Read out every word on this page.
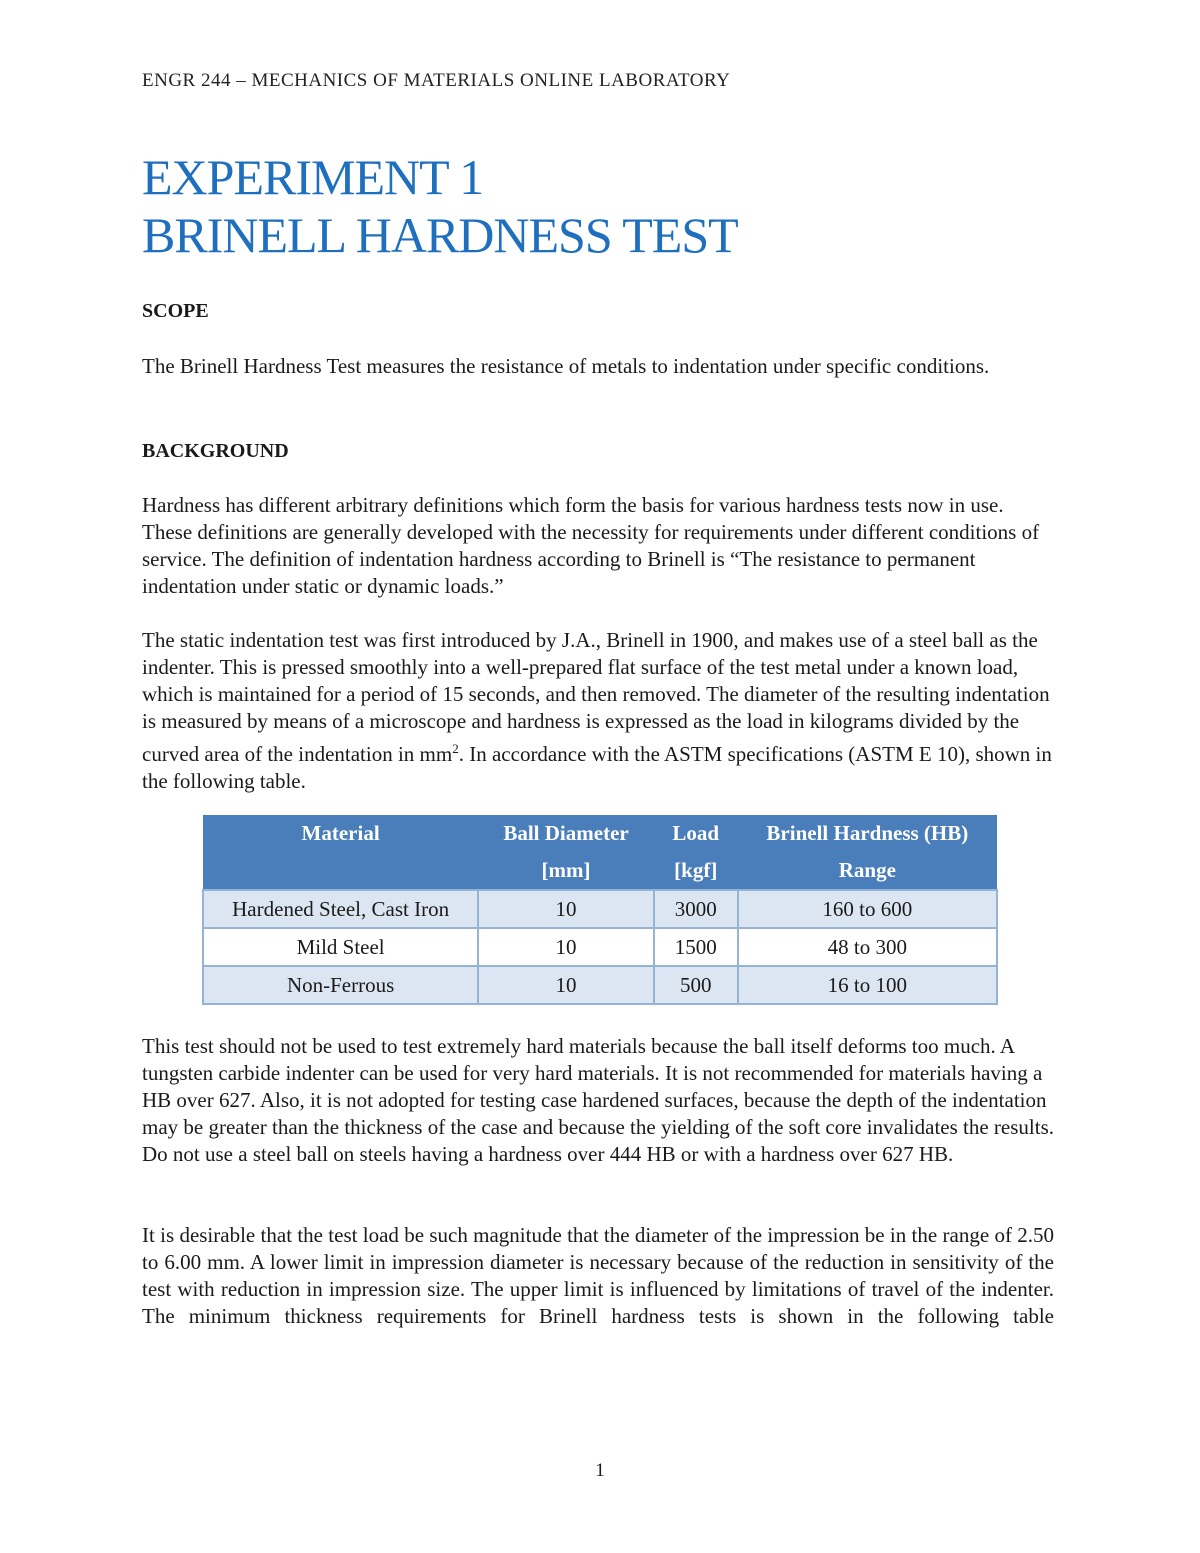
ENGR 244 – MECHANICS OF MATERIALS ONLINE LABORATORY
EXPERIMENT 1
BRINELL HARDNESS TEST
SCOPE

The Brinell Hardness Test measures the resistance of metals to indentation under specific conditions.

BACKGROUND

Hardness has different arbitrary definitions which form the basis for various hardness tests now in use. These definitions are generally developed with the necessity for requirements under different conditions of service. The definition of indentation hardness according to Brinell is “The resistance to permanent indentation under static or dynamic loads.”

The static indentation test was first introduced by J.A., Brinell in 1900, and makes use of a steel ball as the indenter. This is pressed smoothly into a well-prepared flat surface of the test metal under a known load, which is maintained for a period of 15 seconds, and then removed. The diameter of the resulting indentation is measured by means of a microscope and hardness is expressed as the load in kilograms divided by the curved area of the indentation in $mm^2$. In accordance with the ASTM specifications (ASTM E 10), shown in the following table.

Material	Ball Diameter	Load	Brinell Hardness (HB)
	[mm]	[kgf]	Range
Hardened Steel, Cast Iron	10	3000	160 to 600
Mild Steel	10	1500	48 to 300
Non-Ferrous	10	500	16 to 100

This test should not be used to test extremely hard materials because the ball itself deforms too much. A tungsten carbide indenter can be used for very hard materials. It is not recommended for materials having a HB over 627. Also, it is not adopted for testing case hardened surfaces, because the depth of the indentation may be greater than the thickness of the case and because the yielding of the soft core invalidates the results. Do not use a steel ball on steels having a hardness over 444 HB or with a hardness over 627 HB.

It is desirable that the test load be such magnitude that the diameter of the impression be in the range of 2.50 to 6.00 mm. A lower limit in impression diameter is necessary because of the reduction in sensitivity of the test with reduction in impression size. The upper limit is influenced by limitations of travel of the indenter. The minimum thickness requirements for Brinell hardness tests is shown in the following table

1
